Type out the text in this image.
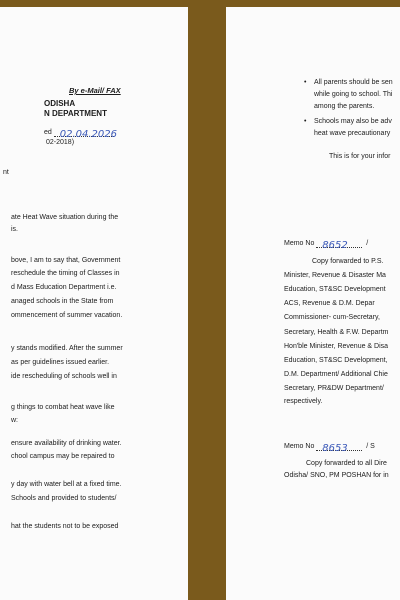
By e-Mail/ FAX
ODISHA
N DEPARTMENT
ed 02.04.2026
02-2018)
nt
ate Heat Wave situation during the
is.
bove, I am to say that, Government
reschedule the timing of Classes in
d Mass Education Department i.e.
anaged schools in the State from
ommencement of summer vacation.
y stands modified. After the summer
as per guidelines issued earlier.
ide rescheduling of schools well in
g things to combat heat wave like
w:
ensure availability of drinking water.
chool campus may be repaired to
y day with water bell at a fixed time.
Schools and provided to students/
hat the students not to be exposed
• All parents should be sen
while going to school. Thi
among the parents.
• Schools may also be adv
heat wave precautionary
This is for your infor
Memo No 8652	/
Copy forwarded to P.S.
Minister, Revenue & Disaster Ma
Education, ST&SC Development
ACS, Revenue & D.M. Depar
Commissioner- cum-Secretary,
Secretary, Health & F.W. Departm
Hon'ble Minister, Revenue & Disa
Education, ST&SC Development,
D.M. Department/ Additional Chie
Secretary, PR&DW Department/
respectively.
Memo No 8653	/ S
Copy forwarded to all Dire
Odisha/ SNO, PM POSHAN for in
